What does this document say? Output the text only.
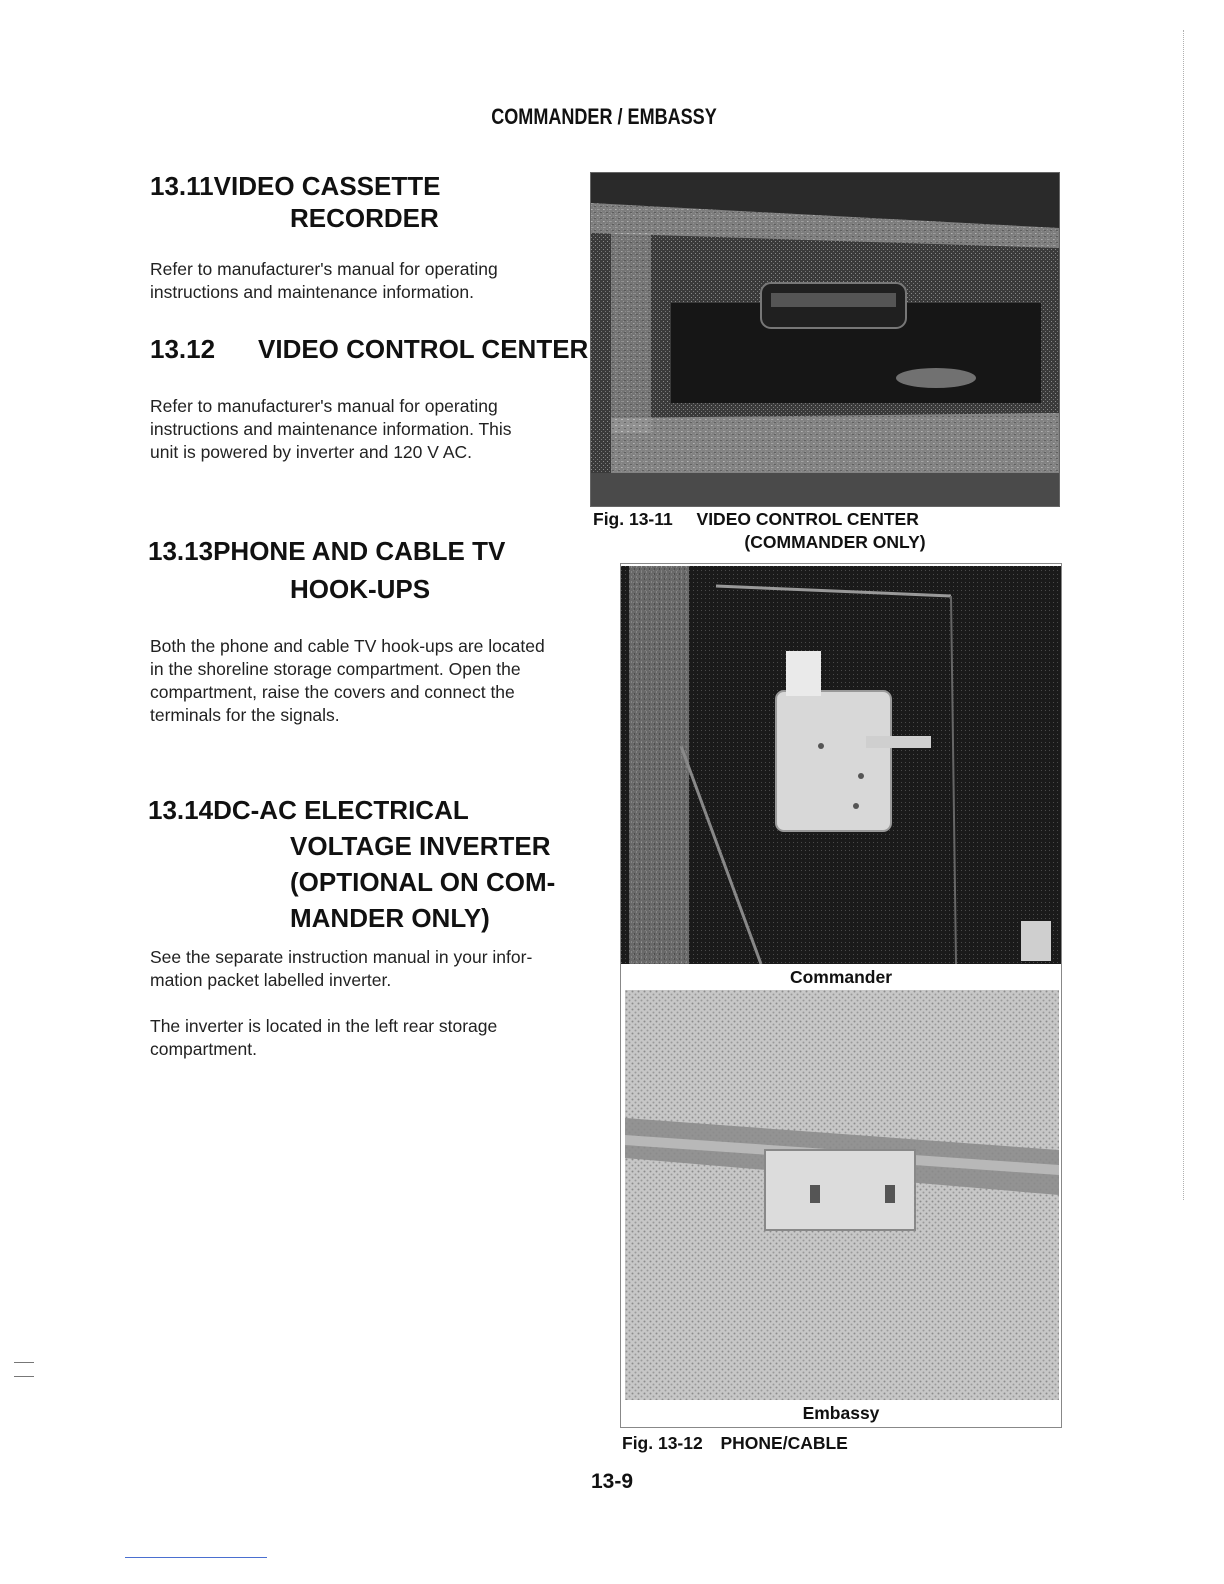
COMMANDER / EMBASSY
13.11VIDEO CASSETTE
RECORDER
Refer to manufacturer's manual for operating
instructions and maintenance information.
13.12 VIDEO CONTROL CENTER
Refer to manufacturer's manual for operating
instructions and maintenance information. This
unit is powered by inverter and 120 V AC.
13.13PHONE AND CABLE TV
HOOK-UPS
Both the phone and cable TV hook-ups are located
in the shoreline storage compartment. Open the
compartment, raise the covers and connect the
terminals for the signals.
13.14DC-AC ELECTRICAL
VOLTAGE INVERTER
(OPTIONAL ON COM-
MANDER ONLY)
See the separate instruction manual in your infor-
mation packet labelled inverter.
The inverter is located in the left rear storage
compartment.
Fig. 13-11 VIDEO CONTROL CENTER
(COMMANDER ONLY)
Commander
Embassy
Fig. 13-12 PHONE/CABLE
13-9
